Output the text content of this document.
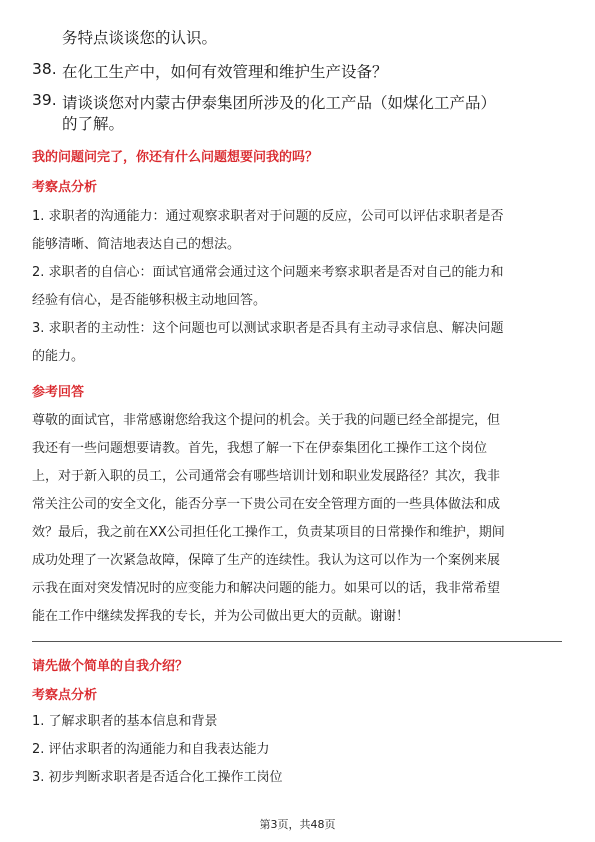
务特点谈谈您的认识。
38. 在化工生产中，如何有效管理和维护生产设备？
39. 请谈谈您对内蒙古伊泰集团所涉及的化工产品（如煤化工产品）
的了解。
我的问题问完了，你还有什么问题想要问我的吗？
考察点分析
1. 求职者的沟通能力：通过观察求职者对于问题的反应，公司可以评估求职者是否
能够清晰、简洁地表达自己的想法。
2. 求职者的自信心：面试官通常会通过这个问题来考察求职者是否对自己的能力和
经验有信心，是否能够积极主动地回答。
3. 求职者的主动性：这个问题也可以测试求职者是否具有主动寻求信息、解决问题
的能力。
参考回答
尊敬的面试官，非常感谢您给我这个提问的机会。关于我的问题已经全部提完，但
我还有一些问题想要请教。首先，我想了解一下在伊泰集团化工操作工这个岗位
上，对于新入职的员工，公司通常会有哪些培训计划和职业发展路径？其次，我非
常关注公司的安全文化，能否分享一下贵公司在安全管理方面的一些具体做法和成
效？最后，我之前在XX公司担任化工操作工，负责某项目的日常操作和维护，期间
成功处理了一次紧急故障，保障了生产的连续性。我认为这可以作为一个案例来展
示我在面对突发情况时的应变能力和解决问题的能力。如果可以的话，我非常希望
能在工作中继续发挥我的专长，并为公司做出更大的贡献。谢谢！
请先做个简单的自我介绍？
考察点分析
1. 了解求职者的基本信息和背景
2. 评估求职者的沟通能力和自我表达能力
3. 初步判断求职者是否适合化工操作工岗位
第3页，共48页
